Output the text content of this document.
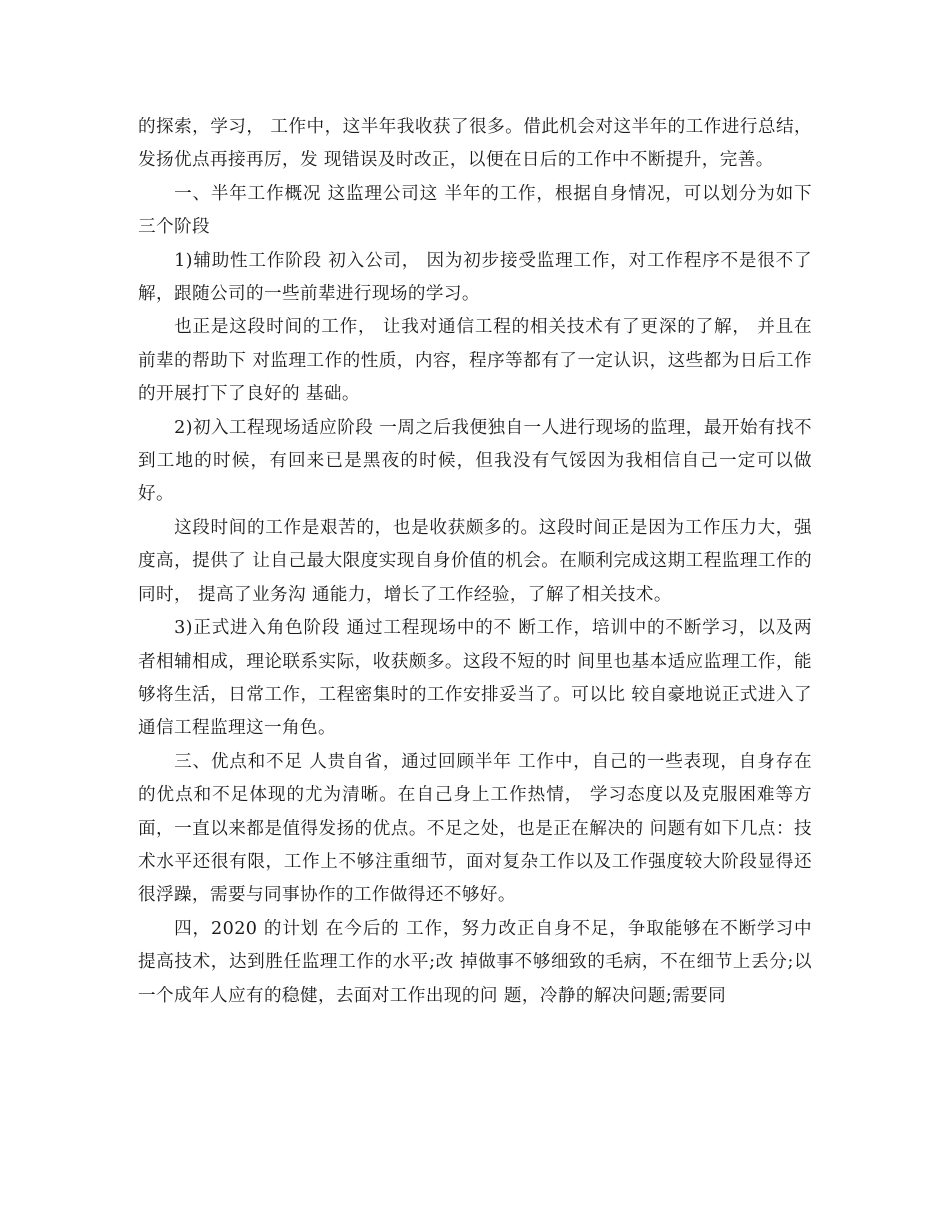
的探索，学习， 工作中，这半年我收获了很多。借此机会对这半年的工作进行总结，发扬优点再接再厉，发 现错误及时改正，以便在日后的工作中不断提升，完善。

一、半年工作概况 这监理公司这 半年的工作，根据自身情况，可以划分为如下三个阶段

1)辅助性工作阶段 初入公司， 因为初步接受监理工作，对工作程序不是很不了解，跟随公司的一些前辈进行现场的学习。

也正是这段时间的工作， 让我对通信工程的相关技术有了更深的了解， 并且在前辈的帮助下 对监理工作的性质，内容，程序等都有了一定认识，这些都为日后工作的开展打下了良好的 基础。

2)初入工程现场适应阶段 一周之后我便独自一人进行现场的监理，最开始有找不 到工地的时候，有回来已是黑夜的时候，但我没有气馁因为我相信自己一定可以做好。

这段时间的工作是艰苦的，也是收获颇多的。这段时间正是因为工作压力大，强度高，提供了 让自己最大限度实现自身价值的机会。在顺利完成这期工程监理工作的同时， 提高了业务沟 通能力，增长了工作经验，了解了相关技术。

3)正式进入角色阶段 通过工程现场中的不 断工作，培训中的不断学习，以及两者相辅相成，理论联系实际，收获颇多。这段不短的时 间里也基本适应监理工作，能够将生活，日常工作，工程密集时的工作安排妥当了。可以比 较自豪地说正式进入了通信工程监理这一角色。

三、优点和不足 人贵自省，通过回顾半年 工作中，自己的一些表现，自身存在的优点和不足体现的尤为清晰。在自己身上工作热情， 学习态度以及克服困难等方面，一直以来都是值得发扬的优点。不足之处，也是正在解决的 问题有如下几点：技术水平还很有限，工作上不够注重细节，面对复杂工作以及工作强度较大阶段显得还很浮躁，需要与同事协作的工作做得还不够好。

四，2020 的计划 在今后的 工作，努力改正自身不足，争取能够在不断学习中提高技术，达到胜任监理工作的水平;改 掉做事不够细致的毛病，不在细节上丢分;以一个成年人应有的稳健，去面对工作出现的问 题，冷静的解决问题;需要同
